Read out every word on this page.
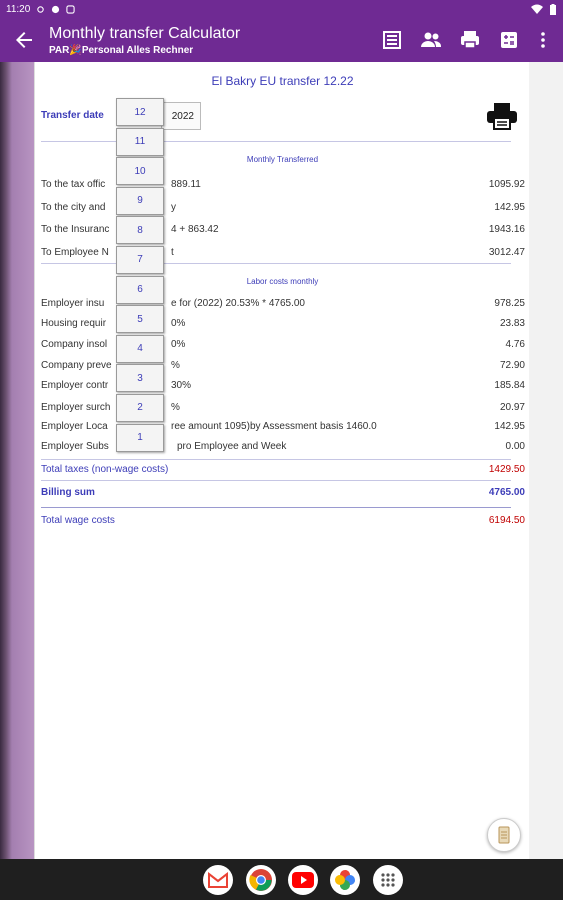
11:20
Monthly transfer Calculator
PAR🎉Personal Alles Rechner
El Bakry EU transfer 12.22
Transfer date	2022
Monthly Transferred
To the tax offic	889.11	1095.92
To the city and	y	142.95
To the Insuranc	4 + 863.42	1943.16
To Employee N	t	3012.47
Labor costs monthly
Employer insu	e for (2022) 20.53% * 4765.00	978.25
Housing requir	0%	23.83
Company insol	0%	4.76
Company preve	%	72.90
Employer contr	30%	185.84
Employer surch	%	20.97
Employer Loca	ree amount 1095)by Assessment basis 1460.0	142.95
Employer Subs	pro Employee and Week	0.00
Total taxes (non-wage costs)	1429.50
Billing sum	4765.00
Total wage costs	6194.50
12
11
10
9
8
7
6
5
4
3
2
1
